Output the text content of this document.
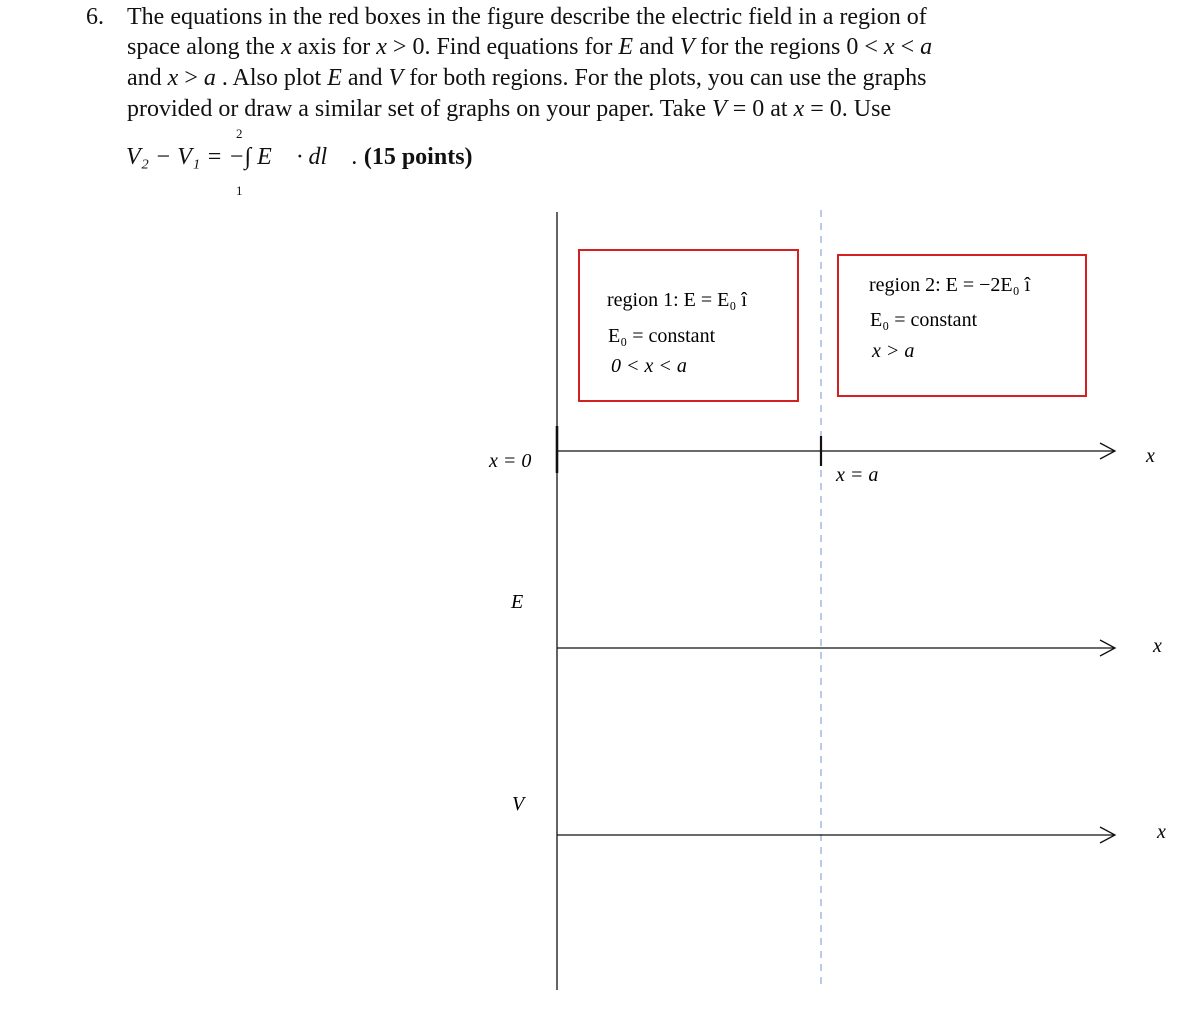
6. The equations in the red boxes in the figure describe the electric field in a region of
space along the x axis for x > 0. Find equations for E and V for the regions 0 < x < a
and x > a . Also plot E and V for both regions. For the plots, you can use the graphs
provided or draw a similar set of graphs on your paper. Take V = 0 at x = 0. Use
2
V₂ − V₁ = −∫ E⃗ · dl⃗ . (15 points)
1
region 1: E = E₀ î
E₀ = constant
0 < x < a
region 2: E = −2E₀ î
E₀ = constant
x > a
x = 0
x = a
x
E
x
V
x
